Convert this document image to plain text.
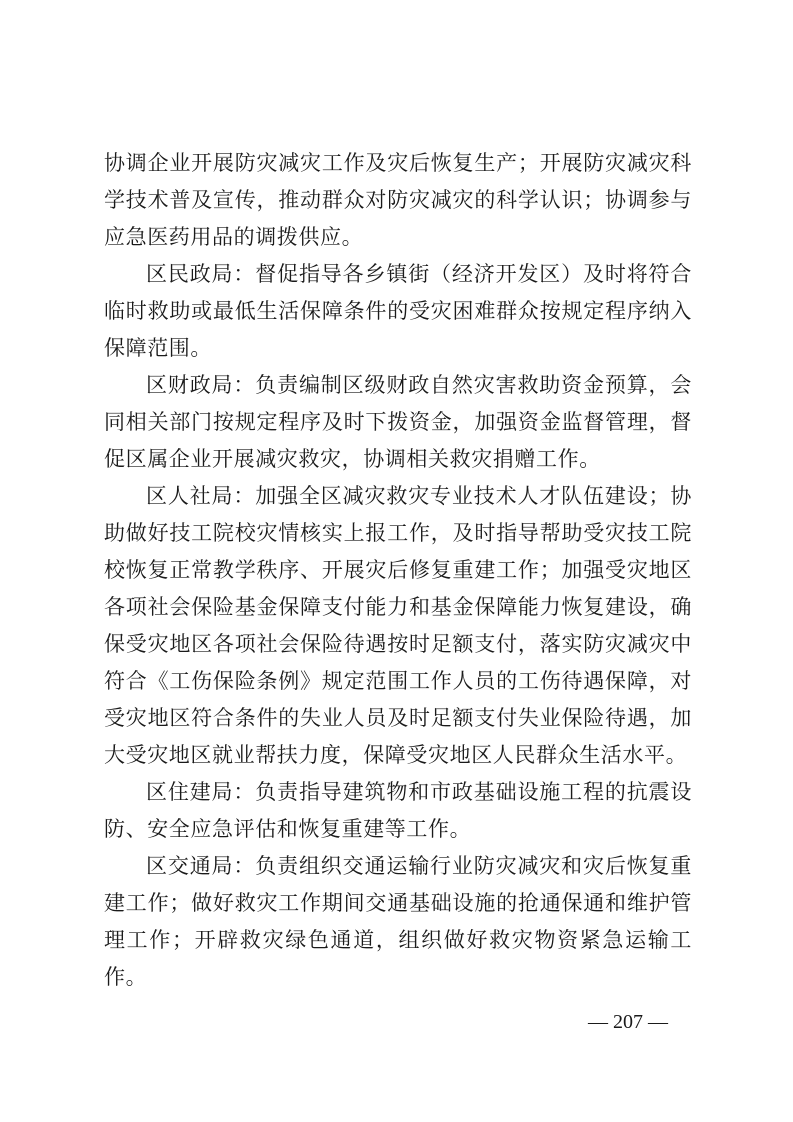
协调企业开展防灾减灾工作及灾后恢复生产；开展防灾减灾科学技术普及宣传，推动群众对防灾减灾的科学认识；协调参与应急医药用品的调拨供应。

区民政局：督促指导各乡镇街（经济开发区）及时将符合临时救助或最低生活保障条件的受灾困难群众按规定程序纳入保障范围。

区财政局：负责编制区级财政自然灾害救助资金预算，会同相关部门按规定程序及时下拨资金，加强资金监督管理，督促区属企业开展减灾救灾，协调相关救灾捐赠工作。

区人社局：加强全区减灾救灾专业技术人才队伍建设；协助做好技工院校灾情核实上报工作，及时指导帮助受灾技工院校恢复正常教学秩序、开展灾后修复重建工作；加强受灾地区各项社会保险基金保障支付能力和基金保障能力恢复建设，确保受灾地区各项社会保险待遇按时足额支付，落实防灾减灾中符合《工伤保险条例》规定范围工作人员的工伤待遇保障，对受灾地区符合条件的失业人员及时足额支付失业保险待遇，加大受灾地区就业帮扶力度，保障受灾地区人民群众生活水平。

区住建局：负责指导建筑物和市政基础设施工程的抗震设防、安全应急评估和恢复重建等工作。

区交通局：负责组织交通运输行业防灾减灾和灾后恢复重建工作；做好救灾工作期间交通基础设施的抢通保通和维护管理工作；开辟救灾绿色通道，组织做好救灾物资紧急运输工作。

— 207 —
